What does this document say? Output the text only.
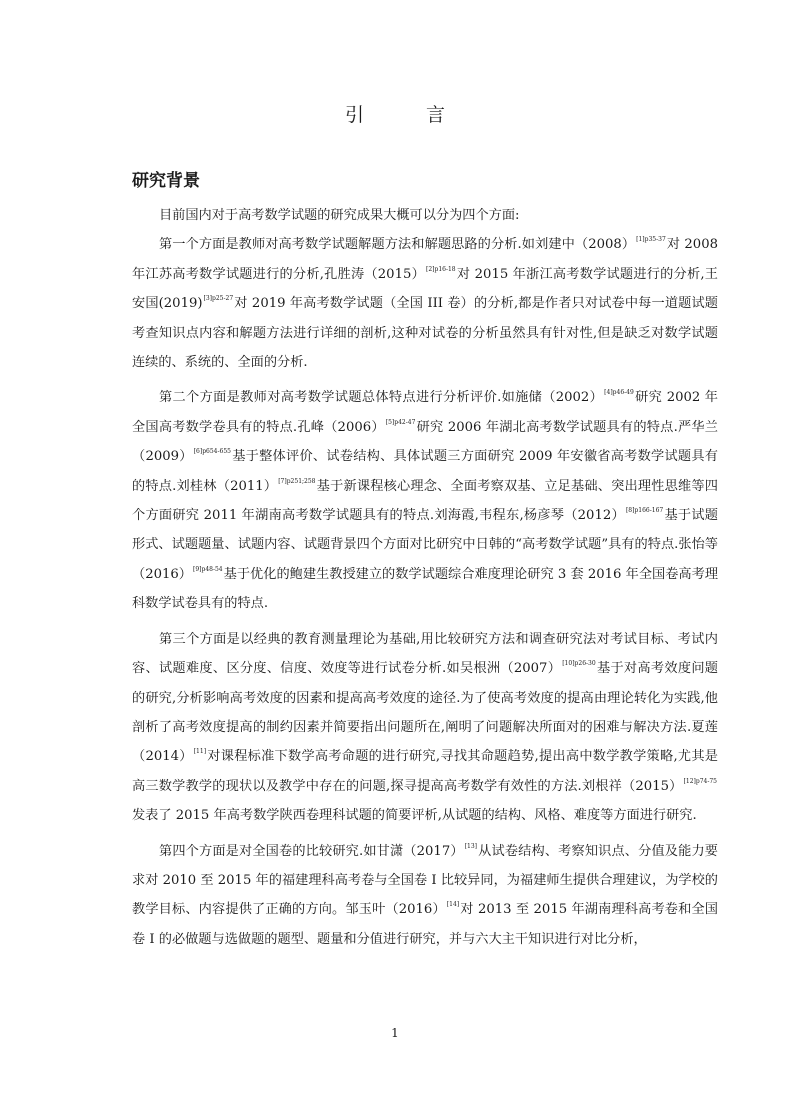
引 言
研究背景

目前国内对于高考数学试题的研究成果大概可以分为四个方面:

第一个方面是教师对高考数学试题解题方法和解题思路的分析.如刘建中$(2008)^{[1]p35-37}$对 2008 年江苏高考数学试题进行的分析,孔胜涛$(2015)^{[2]p16-18}$对 2015 年浙江高考数学试题进行的分析,王安国$(2019)^{[3]p25-27}$对 2019 年高考数学试题（全国 III 卷）的分析,都是作者只对试卷中每一道题试题考查知识点内容和解题方法进行详细的剖析,这种对试卷的分析虽然具有针对性,但是缺乏对数学试题连续的、系统的、全面的分析.

第二个方面是教师对高考数学试题总体特点进行分析评价.如施储$(2002)^{[4]p46-49}$研究 2002 年全国高考数学卷具有的特点.孔峰$(2006)^{[5]p42-47}$研究 2006 年湖北高考数学试题具有的特点.严华兰$(2009)^{[6]p654-655}$基于整体评价、试卷结构、具体试题三方面研究 2009 年安徽省高考数学试题具有的特点.刘桂林$(2011)^{[7]p251;258}$基于新课程核心理念、全面考察双基、立足基础、突出理性思维等四个方面研究 2011 年湖南高考数学试题具有的特点.刘海霞,韦程东,杨彦琴$(2012)^{[8]p166-167}$基于试题形式、试题题量、试题内容、试题背景四个方面对比研究中日韩的“高考数学试题”具有的特点.张怡等$(2016)^{[9]p48-54}$基于优化的鲍建生教授建立的数学试题综合难度理论研究 3 套 2016 年全国卷高考理科数学试卷具有的特点.

第三个方面是以经典的教育测量理论为基础,用比较研究方法和调查研究法对考试目标、考试内容、试题难度、区分度、信度、效度等进行试卷分析.如吴根洲$(2007)^{[10]p26-30}$基于对高考效度问题的研究,分析影响高考效度的因素和提高高考效度的途径.为了使高考效度的提高由理论转化为实践,他剖析了高考效度提高的制约因素并简要指出问题所在,阐明了问题解决所面对的困难与解决方法.夏莲（2014）[11]对课程标准下数学高考命题的进行研究,寻找其命题趋势,提出高中数学教学策略,尤其是高三数学教学的现状以及教学中存在的问题,探寻提高高考数学有效性的方法.刘根祥$(2015)^{[12]p74-75}$发表了 2015 年高考数学陕西卷理科试题的简要评析,从试题的结构、风格、难度等方面进行研究.

第四个方面是对全国卷的比较研究.如甘潇（2017）[13]从试卷结构、考察知识点、分值及能力要求对 2010 至 2015 年的福建理科高考卷与全国卷 I 比较异同，为福建师生提供合理建议，为学校的教学目标、内容提供了正确的方向。邹玉叶（2016）[14]对 2013 至 2015 年湖南理科高考卷和全国卷 I 的必做题与选做题的题型、题量和分值进行研究，并与六大主干知识进行对比分析，

1
